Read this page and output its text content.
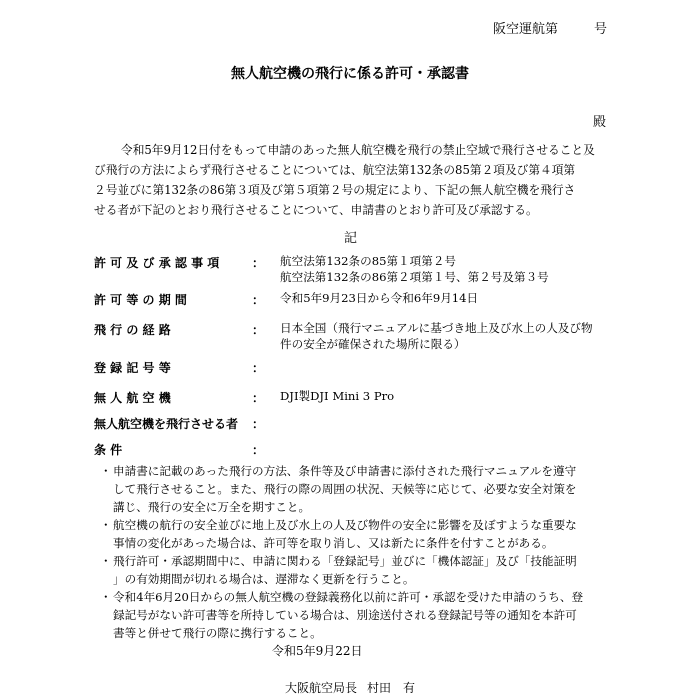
阪空運航第	号
無人航空機の飛行に係る許可・承認書
殿

令和5年9月12日付をもって申請のあった無人航空機を飛行の禁止空域で飛行させること及

び飛行の方法によらず飛行させることについては、航空法第132条の85第２項及び第４項第

２号並びに第132条の86第３項及び第５項第２号の規定により、下記の無人航空機を飛行さ

せる者が下記のとおり飛行させることについて、申請書のとおり許可及び承認する。

記
許 可 及 び 承 認 事 項	： 航空法第132条の85第１項第２号
航空法第132条の86第２項第１号、第２号及第３号
許 可 等 の 期 間	： 令和5年9月23日から令和6年9月14日
飛 行 の 経 路	： 日本全国（飛行マニュアルに基づき地上及び水上の人及び物
件の安全が確保された場所に限る）
登 録 記 号 等	：
無 人 航 空 機	： DJI製DJI Mini 3 Pro
無人航空機を飛行させる者	：
条 件	：
・ 申請書に記載のあった飛行の方法、条件等及び申請書に添付された飛行マニュアルを遵守
して飛行させること。また、飛行の際の周囲の状況、天候等に応じて、必要な安全対策を
講じ、飛行の安全に万全を期すこと。
・ 航空機の航行の安全並びに地上及び水上の人及び物件の安全に影響を及ぼすような重要な
事情の変化があった場合は、許可等を取り消し、又は新たに条件を付すことがある。
・ 飛行許可・承認期間中に、申請に関わる「登録記号」並びに「機体認証」及び「技能証明
」の有効期間が切れる場合は、遅滞なく更新を行うこと。
・ 令和4年6月20日からの無人航空機の登録義務化以前に許可・承認を受けた申請のうち、登
録記号がない許可書等を所持している場合は、別途送付される登録記号等の通知を本許可
書等と併せて飛行の際に携行すること。
令和5年9月22日
大阪航空局長 村田　有
